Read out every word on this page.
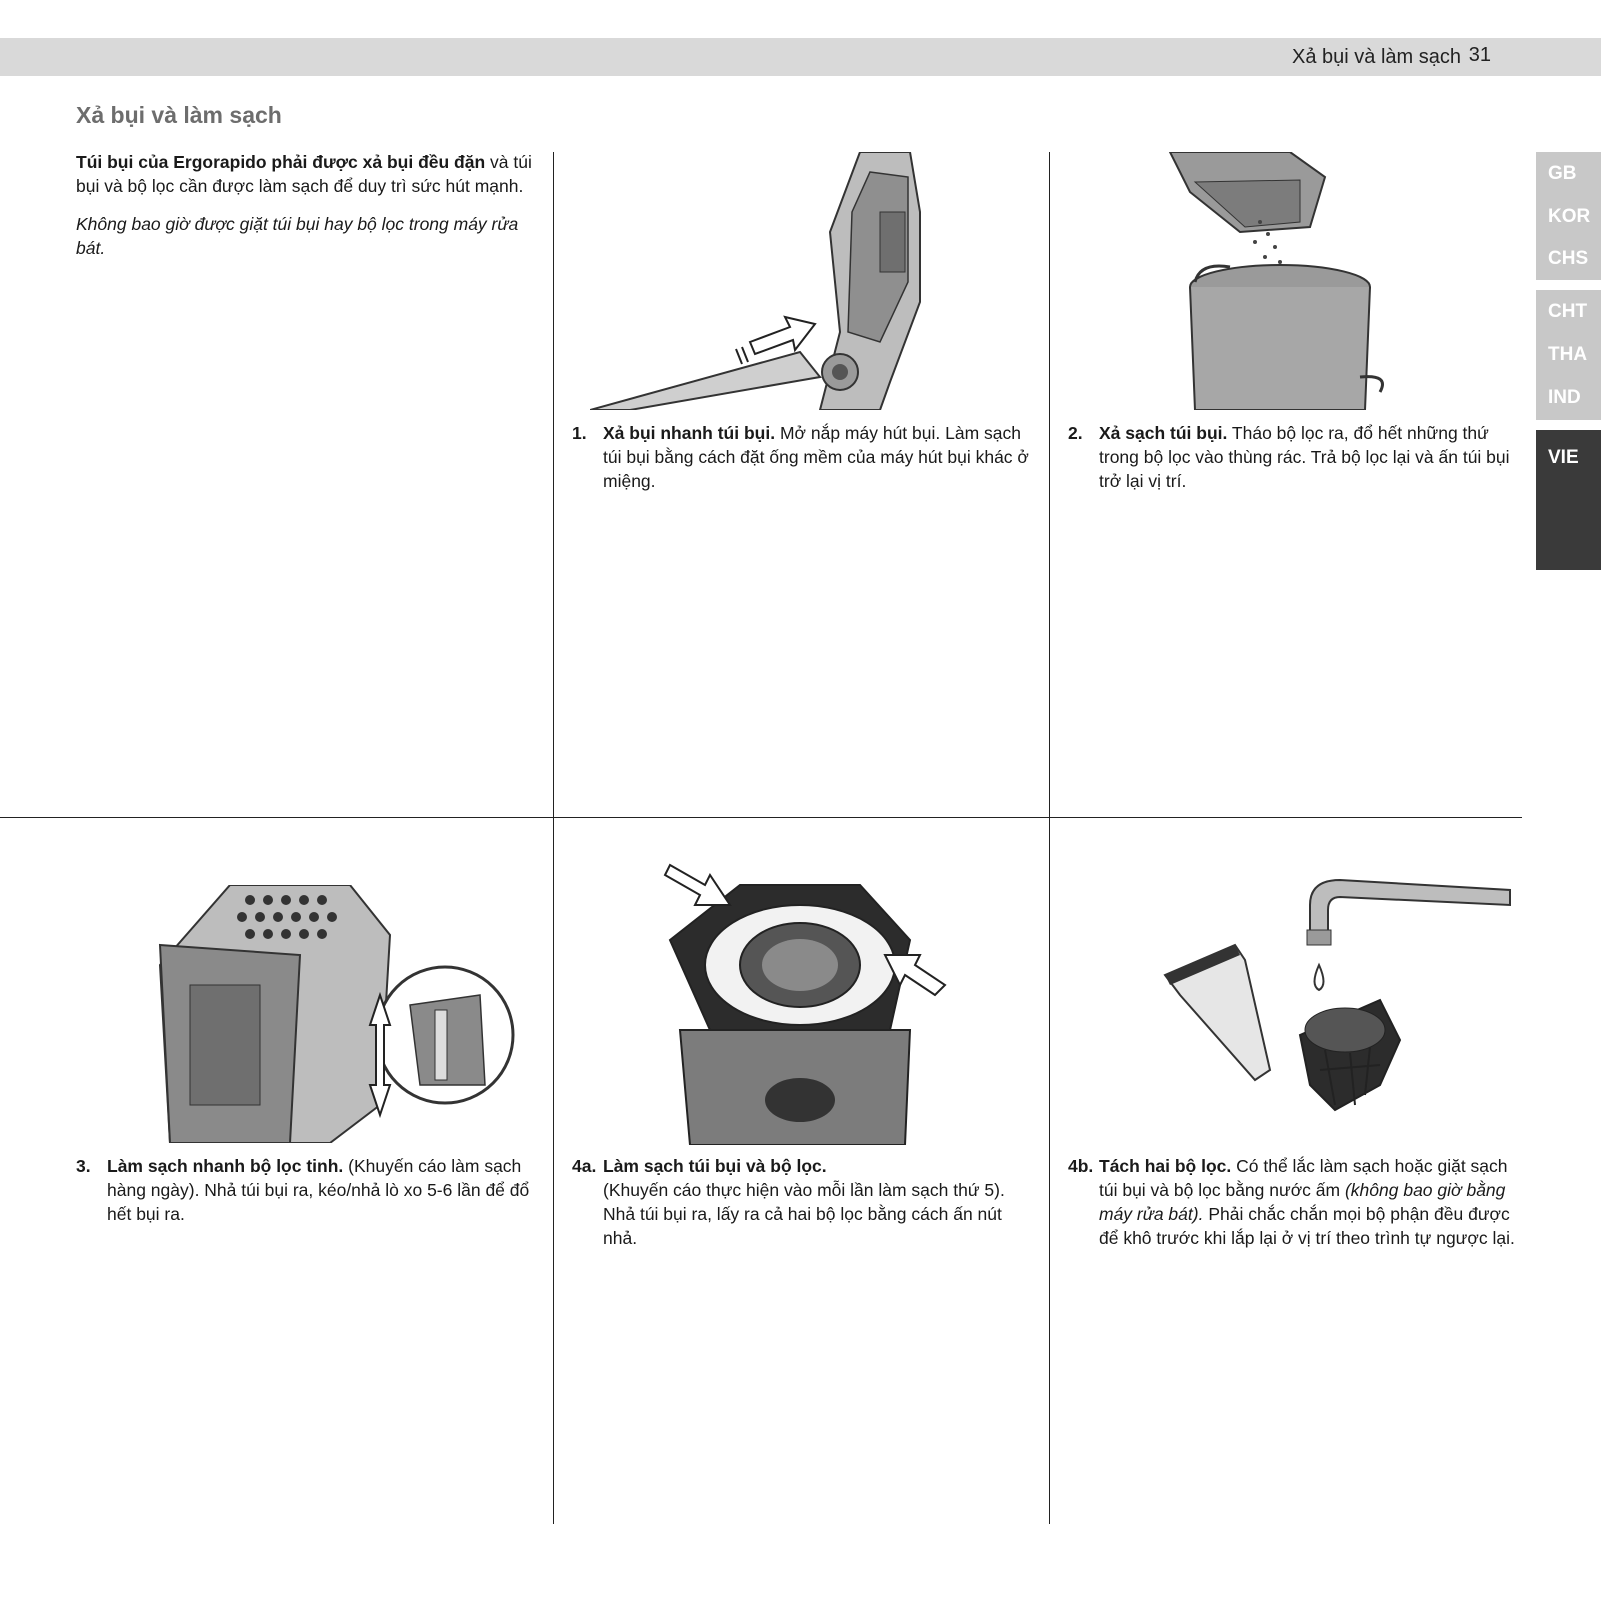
Xả bụi và làm sạch 31
Xả bụi và làm sạch

Túi bụi của Ergorapido phải được xả bụi đều đặn và túi bụi và bộ lọc cần được làm sạch để duy trì sức hút mạnh.

Không bao giờ được giặt túi bụi hay bộ lọc trong máy rửa bát.

GB
KOR
CHS
CHT
THA
IND
VIE
1. Xả bụi nhanh túi bụi. Mở nắp máy hút bụi. Làm sạch túi bụi bằng cách đặt ống mềm của máy hút bụi khác ở miệng.
2. Xả sạch túi bụi. Tháo bộ lọc ra, đổ hết những thứ trong bộ lọc vào thùng rác. Trả bộ lọc lại và ấn túi bụi trở lại vị trí.
3. Làm sạch nhanh bộ lọc tinh. (Khuyến cáo làm sạch hàng ngày). Nhả túi bụi ra, kéo/nhả lò xo 5-6 lần để đổ hết bụi ra.
4a. Làm sạch túi bụi và bộ lọc.
(Khuyến cáo thực hiện vào mỗi lần làm sạch thứ 5). Nhả túi bụi ra, lấy ra cả hai bộ lọc bằng cách ấn nút nhả.
4b. Tách hai bộ lọc. Có thể lắc làm sạch hoặc giặt sạch túi bụi và bộ lọc bằng nước ấm (không bao giờ bằng máy rửa bát). Phải chắc chắn mọi bộ phận đều được để khô trước khi lắp lại ở vị trí theo trình tự ngược lại.
